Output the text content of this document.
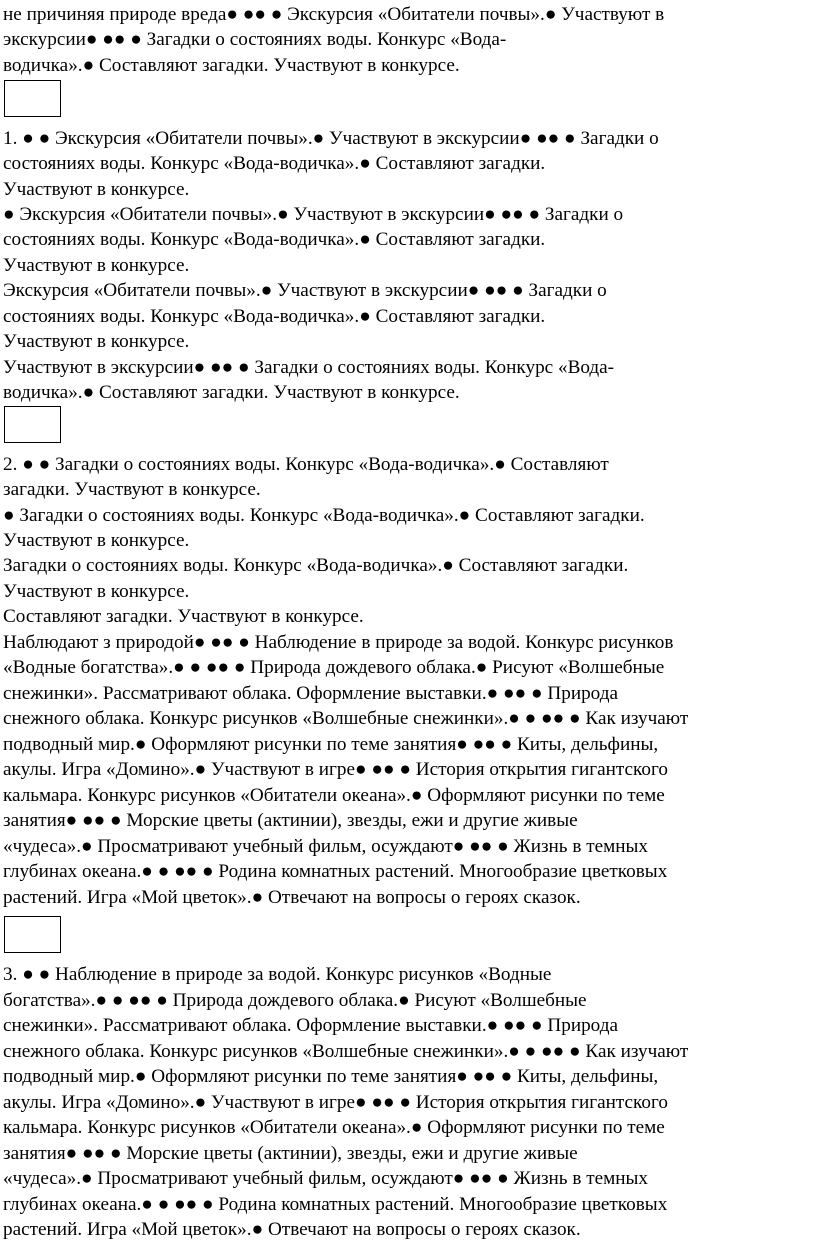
не причиняя природе вреда● ●● ● Экскурсия «Обитатели почвы».● Участвуют в
экскурсии● ●● ● Загадки о состояниях воды. Конкурс «Вода-
водичка».● Составляют загадки. Участвуют в конкурсе.
1. ● ● Экскурсия «Обитатели почвы».● Участвуют в экскурсии● ●● ● Загадки о
состояниях воды. Конкурс «Вода-водичка».● Составляют загадки.
Участвуют в конкурсе.
● Экскурсия «Обитатели почвы».● Участвуют в экскурсии● ●● ● Загадки о
состояниях воды. Конкурс «Вода-водичка».● Составляют загадки.
Участвуют в конкурсе.
Экскурсия «Обитатели почвы».● Участвуют в экскурсии● ●● ● Загадки о
состояниях воды. Конкурс «Вода-водичка».● Составляют загадки.
Участвуют в конкурсе.
Участвуют в экскурсии● ●● ● Загадки о состояниях воды. Конкурс «Вода-
водичка».● Составляют загадки. Участвуют в конкурсе.
2. ● ● Загадки о состояниях воды. Конкурс «Вода-водичка».● Составляют
загадки. Участвуют в конкурсе.
● Загадки о состояниях воды. Конкурс «Вода-водичка».● Составляют загадки.
Участвуют в конкурсе.
Загадки о состояниях воды. Конкурс «Вода-водичка».● Составляют загадки.
Участвуют в конкурсе.
Составляют загадки. Участвуют в конкурсе.
Наблюдают з природой● ●● ● Наблюдение в природе за водой. Конкурс рисунков
«Водные богатства».● ● ●● ● Природа дождевого облака.● Рисуют «Волшебные
снежинки». Рассматривают облака. Оформление выставки.● ●● ● Природа
снежного облака. Конкурс рисунков «Волшебные снежинки».● ● ●● ● Как изучают
подводный мир.● Оформляют рисунки по теме занятия● ●● ● Киты, дельфины,
акулы. Игра «Домино».● Участвуют в игре● ●● ● История открытия гигантского
кальмара. Конкурс рисунков «Обитатели океана».● Оформляют рисунки по теме
занятия● ●● ● Морские цветы (актинии), звезды, ежи и другие живые
«чудеса».● Просматривают учебный фильм, осуждают● ●● ● Жизнь в темных
глубинах океана.● ● ●● ● Родина комнатных растений. Многообразие цветковых
растений. Игра «Мой цветок».● Отвечают на вопросы о героях сказок.
3. ● ● Наблюдение в природе за водой. Конкурс рисунков «Водные
богатства».● ● ●● ● Природа дождевого облака.● Рисуют «Волшебные
снежинки». Рассматривают облака. Оформление выставки.● ●● ● Природа
снежного облака. Конкурс рисунков «Волшебные снежинки».● ● ●● ● Как изучают
подводный мир.● Оформляют рисунки по теме занятия● ●● ● Киты, дельфины,
акулы. Игра «Домино».● Участвуют в игре● ●● ● История открытия гигантского
кальмара. Конкурс рисунков «Обитатели океана».● Оформляют рисунки по теме
занятия● ●● ● Морские цветы (актинии), звезды, ежи и другие живые
«чудеса».● Просматривают учебный фильм, осуждают● ●● ● Жизнь в темных
глубинах океана.● ● ●● ● Родина комнатных растений. Многообразие цветковых
растений. Игра «Мой цветок».● Отвечают на вопросы о героях сказок.
